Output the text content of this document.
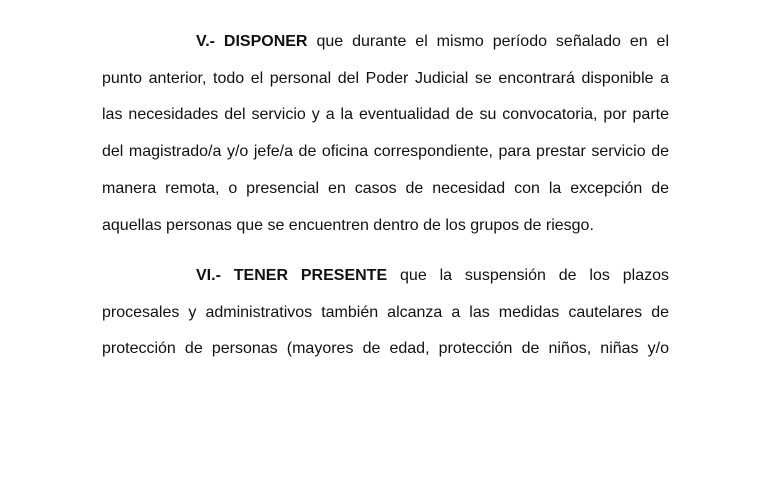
V.- DISPONER que durante el mismo período señalado en el
punto anterior, todo el personal del Poder Judicial se encontrará disponible a
las necesidades del servicio y a la eventualidad de su convocatoria, por parte
del magistrado/a y/o jefe/a de oficina correspondiente, para prestar servicio de
manera remota, o presencial en casos de necesidad con la excepción de
aquellas personas que se encuentren dentro de los grupos de riesgo.

VI.- TENER PRESENTE que la suspensión de los plazos
procesales y administrativos también alcanza a las medidas cautelares de
protección de personas (mayores de edad, protección de niños, niñas y/o
